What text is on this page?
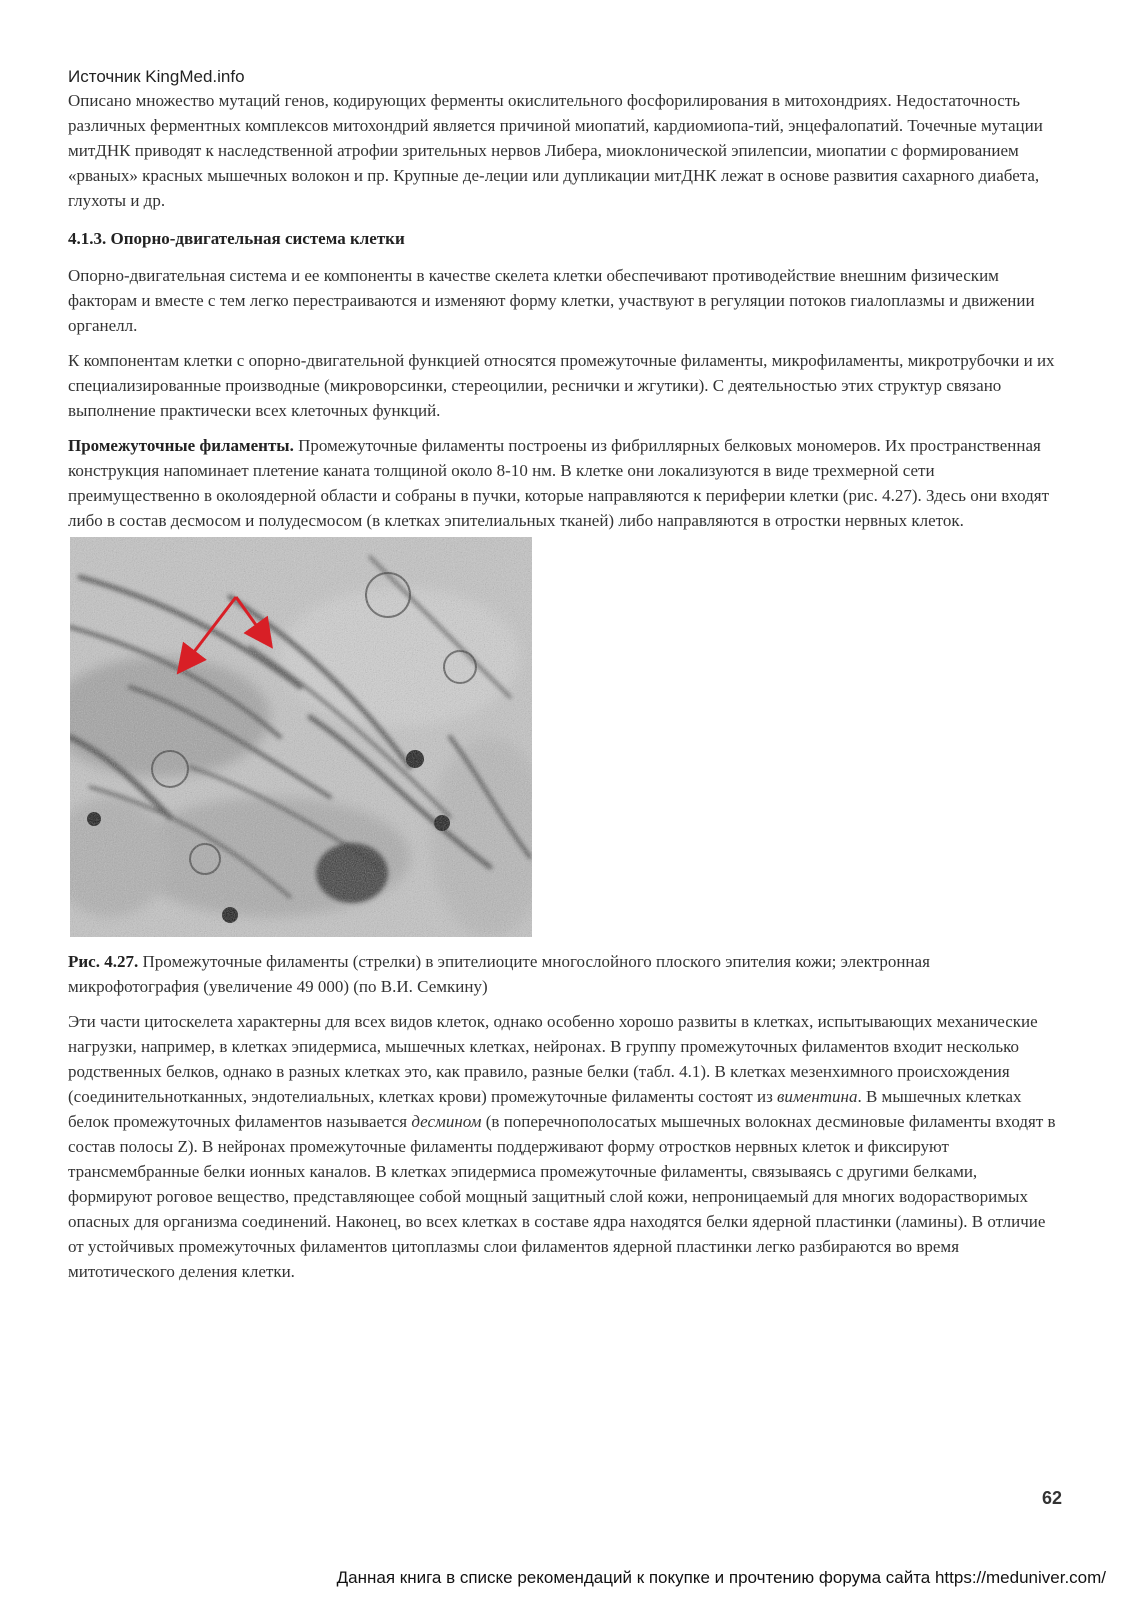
Источник KingMed.info

Описано множество мутаций генов, кодирующих ферменты окислительного фосфорилирования в митохондриях. Недостаточность различных ферментных комплексов митохондрий является причиной миопатий, кардиомиопа-тий, энцефалопатий. Точечные мутации митДНК приводят к наследственной атрофии зрительных нервов Либера, миоклонической эпилепсии, миопатии с формированием «рваных» красных мышечных волокон и пр. Крупные де-леции или дупликации митДНК лежат в основе развития сахарного диабета, глухоты и др.

4.1.3. Опорно-двигательная система клетки

Опорно-двигательная система и ее компоненты в качестве скелета клетки обеспечивают противодействие внешним физическим факторам и вместе с тем легко перестраиваются и изменяют форму клетки, участвуют в регуляции потоков гиалоплазмы и движении органелл.

К компонентам клетки с опорно-двигательной функцией относятся промежуточные филаменты, микрофиламенты, микротрубочки и их специализированные производные (микроворсинки, стереоцилии, реснички и жгутики). С деятельностью этих структур связано выполнение практически всех клеточных функций.

Промежуточные филаменты. Промежуточные филаменты построены из фибриллярных белковых мономеров. Их пространственная конструкция напоминает плетение каната толщиной около 8-10 нм. В клетке они локализуются в виде трехмерной сети преимущественно в околоядерной области и собраны в пучки, которые направляются к периферии клетки (рис. 4.27). Здесь они входят либо в состав десмосом и полудесмосом (в клетках эпителиальных тканей) либо направляются в отростки нервных клеток.

Рис. 4.27. Промежуточные филаменты (стрелки) в эпителиоците многослойного плоского эпителия кожи; электронная микрофотография (увеличение 49 000) (по В.И. Семкину)

Эти части цитоскелета характерны для всех видов клеток, однако особенно хорошо развиты в клетках, испытывающих механические нагрузки, например, в клетках эпидермиса, мышечных клетках, нейронах. В группу промежуточных филаментов входит несколько родственных белков, однако в разных клетках это, как правило, разные белки (табл. 4.1). В клетках мезенхимного происхождения (соединительнотканных, эндотелиальных, клетках крови) промежуточные филаменты состоят из виментина. В мышечных клетках белок промежуточных филаментов называется десмином (в поперечнополосатых мышечных волокнах десминовые филаменты входят в состав полосы Z). В нейронах промежуточные филаменты поддерживают форму отростков нервных клеток и фиксируют трансмембранные белки ионных каналов. В клетках эпидермиса промежуточные филаменты, связываясь с другими белками, формируют роговое вещество, представляющее собой мощный защитный слой кожи, непроницаемый для многих водорастворимых опасных для организма соединений. Наконец, во всех клетках в составе ядра находятся белки ядерной пластинки (ламины). В отличие от устойчивых промежуточных филаментов цитоплазмы слои филаментов ядерной пластинки легко разбираются во время митотического деления клетки.

62
Данная книга в списке рекомендаций к покупке и прочтению форума сайта https://meduniver.com/
